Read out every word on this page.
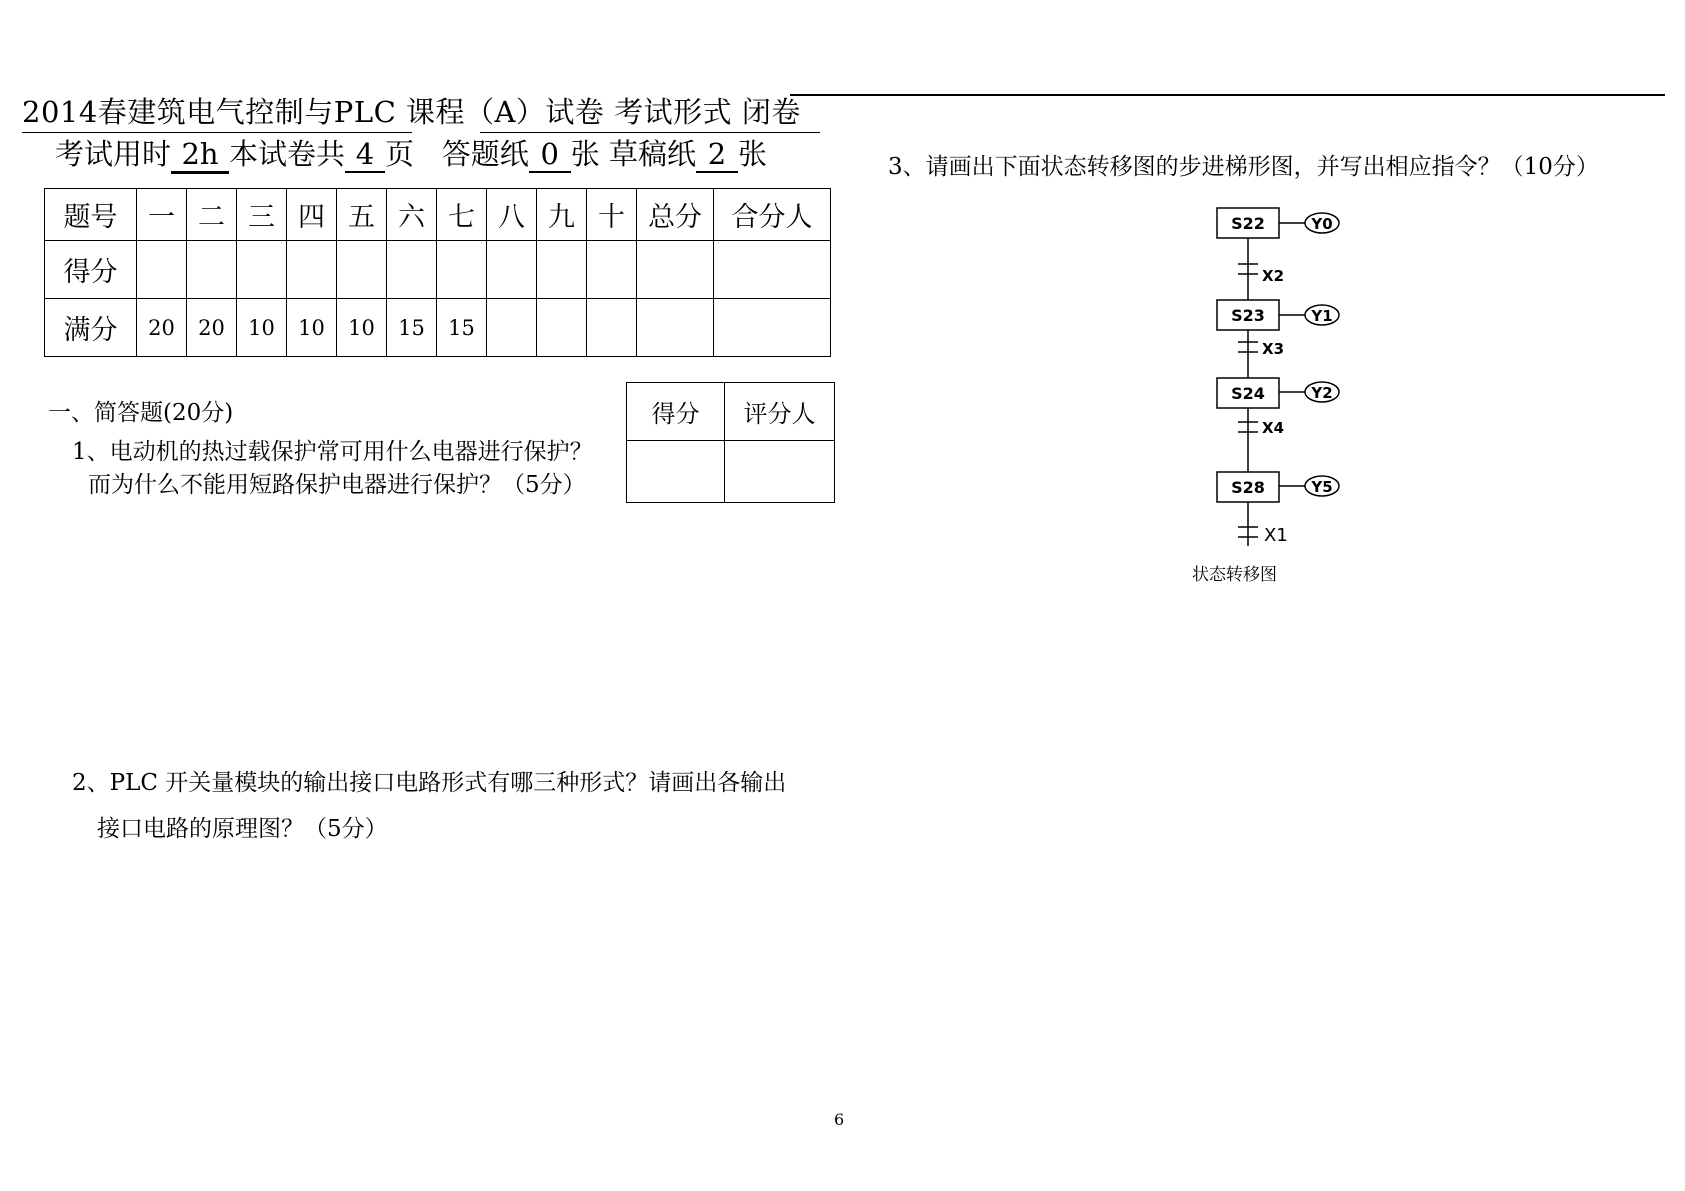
2014春建筑电气控制与PLC 课程（A）试卷 考试形式 闭卷
考试用时 2h 本试卷共 4 页 答题纸 0 张 草稿纸 2 张
题号	一	二	三	四	五	六	七	八	九	十	总分	合分人
得分												
满分	20	20	10	10	10	15	15					
得分	评分人

一、简答题(20分)
1、电动机的热过载保护常可用什么电器进行保护？
而为什么不能用短路保护电器进行保护？（5分）
2、PLC 开关量模块的输出接口电路形式有哪三种形式？请画出各输出
接口电路的原理图？（5分）
3、请画出下面状态转移图的步进梯形图，并写出相应指令？（10分）
S22	Y0
X2
S23	Y1
X3
S24	Y2
X4
S28	Y5
X1
状态转移图
6
